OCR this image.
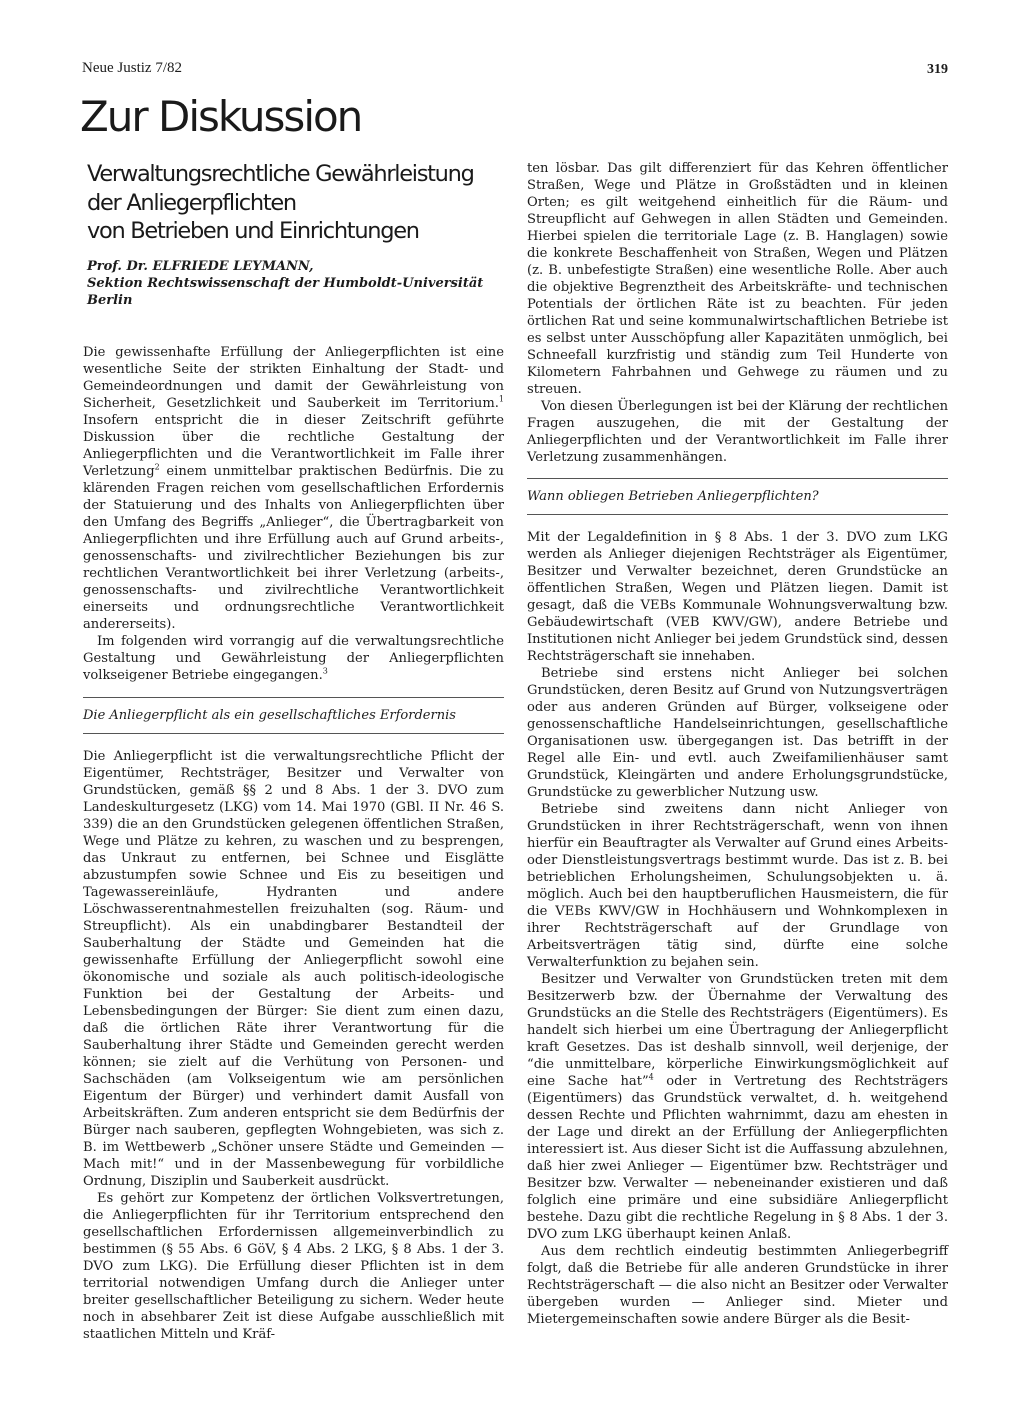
Neue Justiz 7/82	319
Zur Diskussion
Verwaltungsrechtliche Gewährleistung
der Anliegerpflichten
von Betrieben und Einrichtungen
Prof. Dr. ELFRIEDE LEYMANN,
Sektion Rechtswissenschaft der Humboldt-Universität
Berlin

Die gewissenhafte Erfüllung der Anliegerpflichten ist eine wesentliche Seite der strikten Einhaltung der Stadt- und Gemeindeordnungen und damit der Gewährleistung von Sicherheit, Gesetzlichkeit und Sauberkeit im Territorium.$^1$ Insofern entspricht die in dieser Zeitschrift geführte Diskussion über die rechtliche Gestaltung der Anliegerpflichten und die Verantwortlichkeit im Falle ihrer Verletzung$^2$ einem unmittelbar praktischen Bedürfnis. Die zu klärenden Fragen reichen vom gesellschaftlichen Erfordernis der Statuierung und des Inhalts von Anliegerpflichten über den Umfang des Begriffs „Anlieger“, die Übertragbarkeit von Anliegerpflichten und ihre Erfüllung auch auf Grund arbeits-, genossenschafts- und zivilrechtlicher Beziehungen bis zur rechtlichen Verantwortlichkeit bei ihrer Verletzung (arbeits-, genossenschafts- und zivilrechtliche Verantwortlichkeit einerseits und ordnungsrechtliche Verantwortlichkeit andererseits).

Im folgenden wird vorrangig auf die verwaltungsrechtliche Gestaltung und Gewährleistung der Anliegerpflichten volkseigener Betriebe eingegangen.$^3$

Die Anliegerpflicht als ein gesellschaftliches Erfordernis

Die Anliegerpflicht ist die verwaltungsrechtliche Pflicht der Eigentümer, Rechtsträger, Besitzer und Verwalter von Grundstücken, gemäß §§ 2 und 8 Abs. 1 der 3. DVO zum Landeskulturgesetz (LKG) vom 14. Mai 1970 (GBl. II Nr. 46 S. 339) die an den Grundstücken gelegenen öffentlichen Straßen, Wege und Plätze zu kehren, zu waschen und zu besprengen, das Unkraut zu entfernen, bei Schnee und Eisglätte abzustumpfen sowie Schnee und Eis zu beseitigen und Tagewassereinläufe, Hydranten und andere Löschwasserentnahmestellen freizuhalten (sog. Räum- und Streupflicht). Als ein unabdingbarer Bestandteil der Sauberhaltung der Städte und Gemeinden hat die gewissenhafte Erfüllung der Anliegerpflicht sowohl eine ökonomische und soziale als auch politisch-ideologische Funktion bei der Gestaltung der Arbeits- und Lebensbedingungen der Bürger: Sie dient zum einen dazu, daß die örtlichen Räte ihrer Verantwortung für die Sauberhaltung ihrer Städte und Gemeinden gerecht werden können; sie zielt auf die Verhütung von Personen- und Sachschäden (am Volkseigentum wie am persönlichen Eigentum der Bürger) und verhindert damit Ausfall von Arbeitskräften. Zum anderen entspricht sie dem Bedürfnis der Bürger nach sauberen, gepflegten Wohngebieten, was sich z. B. im Wettbewerb „Schöner unsere Städte und Gemeinden — Mach mit!“ und in der Massenbewegung für vorbildliche Ordnung, Disziplin und Sauberkeit ausdrückt.

Es gehört zur Kompetenz der örtlichen Volksvertretungen, die Anliegerpflichten für ihr Territorium entsprechend den gesellschaftlichen Erfordernissen allgemeinverbindlich zu bestimmen (§ 55 Abs. 6 GöV, § 4 Abs. 2 LKG, § 8 Abs. 1 der 3. DVO zum LKG). Die Erfüllung dieser Pflichten ist in dem territorial notwendigen Umfang durch die Anlieger unter breiter gesellschaftlicher Beteiligung zu sichern. Weder heute noch in absehbarer Zeit ist diese Aufgabe ausschließlich mit staatlichen Mitteln und Kräf-

ten lösbar. Das gilt differenziert für das Kehren öffentlicher Straßen, Wege und Plätze in Großstädten und in kleinen Orten; es gilt weitgehend einheitlich für die Räum- und Streupflicht auf Gehwegen in allen Städten und Gemeinden. Hierbei spielen die territoriale Lage (z. B. Hanglagen) sowie die konkrete Beschaffenheit von Straßen, Wegen und Plätzen (z. B. unbefestigte Straßen) eine wesentliche Rolle. Aber auch die objektive Begrenztheit des Arbeitskräfte- und technischen Potentials der örtlichen Räte ist zu beachten. Für jeden örtlichen Rat und seine kommunalwirtschaftlichen Betriebe ist es selbst unter Ausschöpfung aller Kapazitäten unmöglich, bei Schneefall kurzfristig und ständig zum Teil Hunderte von Kilometern Fahrbahnen und Gehwege zu räumen und zu streuen.

Von diesen Überlegungen ist bei der Klärung der rechtlichen Fragen auszugehen, die mit der Gestaltung der Anliegerpflichten und der Verantwortlichkeit im Falle ihrer Verletzung zusammenhängen.

Wann obliegen Betrieben Anliegerpflichten?

Mit der Legaldefinition in § 8 Abs. 1 der 3. DVO zum LKG werden als Anlieger diejenigen Rechtsträger als Eigentümer, Besitzer und Verwalter bezeichnet, deren Grundstücke an öffentlichen Straßen, Wegen und Plätzen liegen. Damit ist gesagt, daß die VEBs Kommunale Wohnungsverwaltung bzw. Gebäudewirtschaft (VEB KWV/GW), andere Betriebe und Institutionen nicht Anlieger bei jedem Grundstück sind, dessen Rechtsträgerschaft sie innehaben.

Betriebe sind erstens nicht Anlieger bei solchen Grundstücken, deren Besitz auf Grund von Nutzungsverträgen oder aus anderen Gründen auf Bürger, volkseigene oder genossenschaftliche Handelseinrichtungen, gesellschaftliche Organisationen usw. übergegangen ist. Das betrifft in der Regel alle Ein- und evtl. auch Zweifamilienhäuser samt Grundstück, Kleingärten und andere Erholungsgrundstücke, Grundstücke zu gewerblicher Nutzung usw.

Betriebe sind zweitens dann nicht Anlieger von Grundstücken in ihrer Rechtsträgerschaft, wenn von ihnen hierfür ein Beauftragter als Verwalter auf Grund eines Arbeits- oder Dienstleistungsvertrags bestimmt wurde. Das ist z. B. bei betrieblichen Erholungsheimen, Schulungsobjekten u. ä. möglich. Auch bei den hauptberuflichen Hausmeistern, die für die VEBs KWV/GW in Hochhäusern und Wohnkomplexen in ihrer Rechtsträgerschaft auf der Grundlage von Arbeitsverträgen tätig sind, dürfte eine solche Verwalterfunktion zu bejahen sein.

Besitzer und Verwalter von Grundstücken treten mit dem Besitzerwerb bzw. der Übernahme der Verwaltung des Grundstücks an die Stelle des Rechtsträgers (Eigentümers). Es handelt sich hierbei um eine Übertragung der Anliegerpflicht kraft Gesetzes. Das ist deshalb sinnvoll, weil derjenige, der “die unmittelbare, körperliche Einwirkungsmöglichkeit auf eine Sache hat”$^4$ oder in Vertretung des Rechtsträgers (Eigentümers) das Grundstück verwaltet, d. h. weitgehend dessen Rechte und Pflichten wahrnimmt, dazu am ehesten in der Lage und direkt an der Erfüllung der Anliegerpflichten interessiert ist. Aus dieser Sicht ist die Auffassung abzulehnen, daß hier zwei Anlieger — Eigentümer bzw. Rechtsträger und Besitzer bzw. Verwalter — nebeneinander existieren und daß folglich eine primäre und eine subsidiäre Anliegerpflicht bestehe. Dazu gibt die rechtliche Regelung in § 8 Abs. 1 der 3. DVO zum LKG überhaupt keinen Anlaß.

Aus dem rechtlich eindeutig bestimmten Anliegerbegriff folgt, daß die Betriebe für alle anderen Grundstücke in ihrer Rechtsträgerschaft — die also nicht an Besitzer oder Verwalter übergeben wurden — Anlieger sind. Mieter und Mietergemeinschaften sowie andere Bürger als die Besit-
